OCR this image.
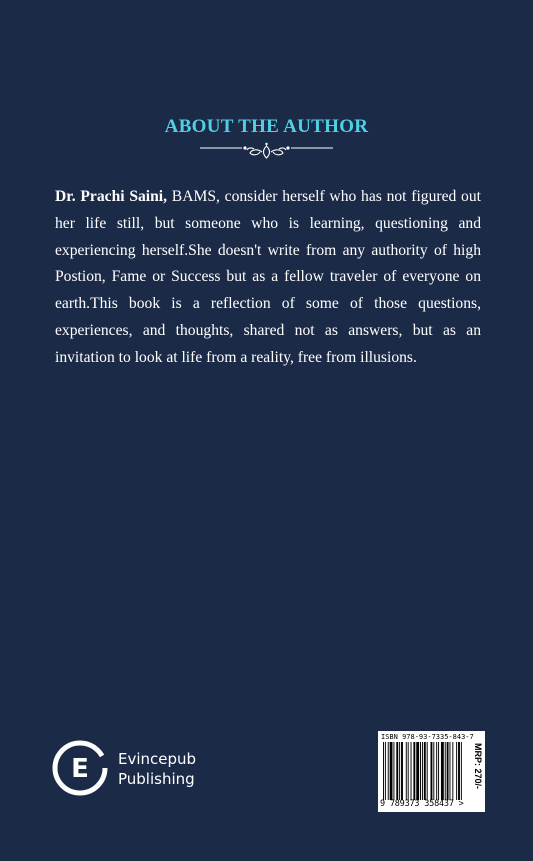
ABOUT THE AUTHOR
Dr. Prachi Saini, BAMS, consider herself who has not figured out her life still, but someone who is learning, questioning and experiencing herself.She doesn't write from any authority of high Postion, Fame or Success but as a fellow traveler of everyone on earth.This book is a reflection of some of those questions, experiences, and thoughts, shared not as answers, but as an invitation to look at life from a reality, free from illusions.
E Evincepub
Publishing
ISBN 978-93-7335-843-7
9 789373 358437 >
MRP: 270/-
